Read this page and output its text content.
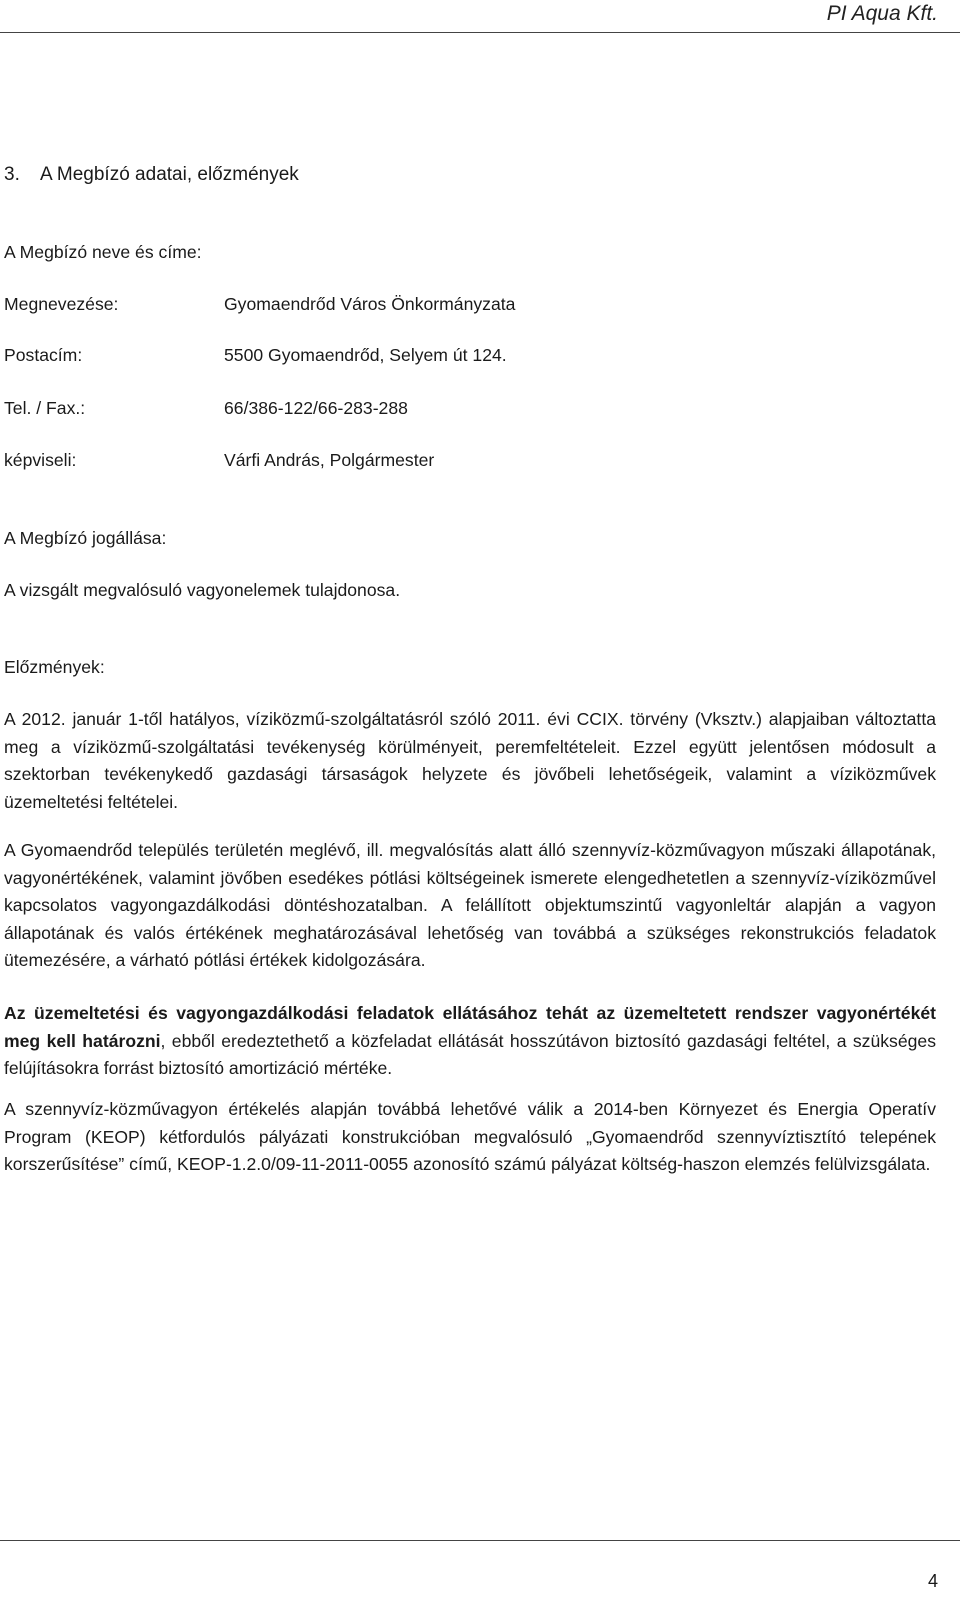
PI Aqua Kft.
3. A Megbízó adatai, előzmények
A Megbízó neve és címe:
Megnevezése:	Gyomaendrőd Város Önkormányzata
Postacím:	5500 Gyomaendrőd, Selyem út 124.
Tel. / Fax.:	66/386-122/66-283-288
képviseli:	Várfi András, Polgármester
A Megbízó jogállása:
A vizsgált megvalósuló vagyonelemek tulajdonosa.
Előzmények:
A 2012. január 1-től hatályos, víziközmű-szolgáltatásról szóló 2011. évi CCIX. törvény (Vksztv.) alapjaiban változtatta meg a víziközmű-szolgáltatási tevékenység körülményeit, peremfeltételeit. Ezzel együtt jelentősen módosult a szektorban tevékenykedő gazdasági társaságok helyzete és jövőbeli lehetőségeik, valamint a víziközművek üzemeltetési feltételei.
A Gyomaendrőd település területén meglévő, ill. megvalósítás alatt álló szennyvíz-közművagyon műszaki állapotának, vagyonértékének, valamint jövőben esedékes pótlási költségeinek ismerete elengedhetetlen a szennyvíz-víziközművel kapcsolatos vagyongazdálkodási döntéshozatalban. A felállított objektumszintű vagyonleltár alapján a vagyon állapotának és valós értékének meghatározásával lehetőség van továbbá a szükséges rekonstrukciós feladatok ütemezésére, a várható pótlási értékek kidolgozására.
Az üzemeltetési és vagyongazdálkodási feladatok ellátásához tehát az üzemeltetett rendszer vagyonértékét meg kell határozni, ebből eredeztethető a közfeladat ellátását hosszútávon biztosító gazdasági feltétel, a szükséges felújításokra forrást biztosító amortizáció mértéke.
A szennyvíz-közművagyon értékelés alapján továbbá lehetővé válik a 2014-ben Környezet és Energia Operatív Program (KEOP) kétfordulós pályázati konstrukcióban megvalósuló „Gyomaendrőd szennyvíztisztító telepének korszerűsítése” című, KEOP-1.2.0/09-11-2011-0055 azonosító számú pályázat költség-haszon elemzés felülvizsgálata.
4
